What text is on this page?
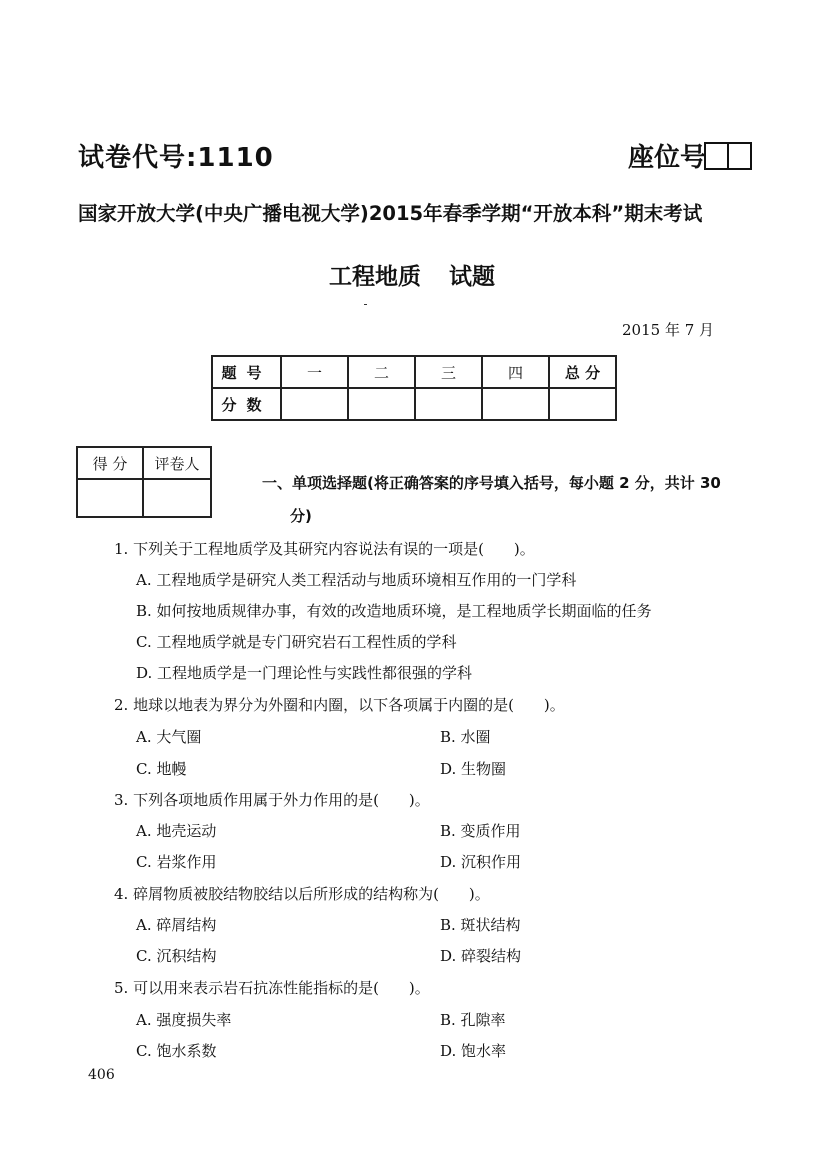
试卷代号:1110	座位号
国家开放大学(中央广播电视大学)2015年春季学期“开放本科”期末考试
工程地质 试题
2015 年 7 月
题号	一	二	三	四	总 分
分数					
得 分	评卷人

一、单项选择题(将正确答案的序号填入括号，每小题 2 分，共计 30
分)
1. 下列关于工程地质学及其研究内容说法有误的一项是(　　)。
A. 工程地质学是研究人类工程活动与地质环境相互作用的一门学科
B. 如何按地质规律办事，有效的改造地质环境，是工程地质学长期面临的任务
C. 工程地质学就是专门研究岩石工程性质的学科
D. 工程地质学是一门理论性与实践性都很强的学科
2. 地球以地表为界分为外圈和内圈，以下各项属于内圈的是(　　)。
A. 大气圈	B. 水圈
C. 地幔	D. 生物圈
3. 下列各项地质作用属于外力作用的是(　　)。
A. 地壳运动	B. 变质作用
C. 岩浆作用	D. 沉积作用
4. 碎屑物质被胶结物胶结以后所形成的结构称为(　　)。
A. 碎屑结构	B. 斑状结构
C. 沉积结构	D. 碎裂结构
5. 可以用来表示岩石抗冻性能指标的是(　　)。
A. 强度损失率	B. 孔隙率
C. 饱水系数	D. 饱水率
406
